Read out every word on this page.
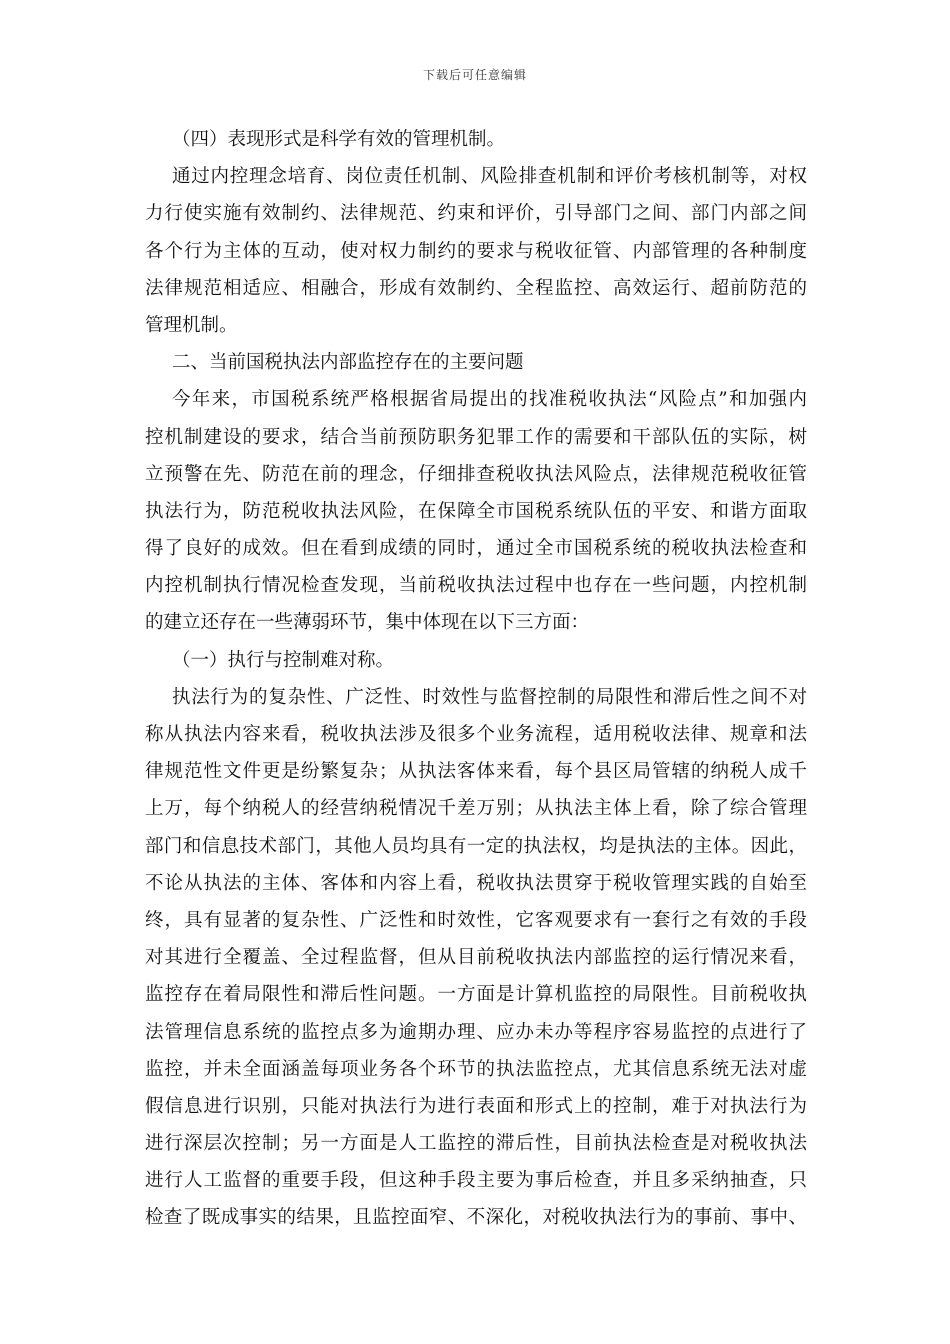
下载后可任意编辑
（四）表现形式是科学有效的管理机制。
通过内控理念培育、岗位责任机制、风险排查机制和评价考核机制等，对权
力行使实施有效制约、法律规范、约束和评价，引导部门之间、部门内部之间
各个行为主体的互动，使对权力制约的要求与税收征管、内部管理的各种制度
法律规范相适应、相融合，形成有效制约、全程监控、高效运行、超前防范的
管理机制。
二、当前国税执法内部监控存在的主要问题
今年来，市国税系统严格根据省局提出的找准税收执法“风险点”和加强内
控机制建设的要求，结合当前预防职务犯罪工作的需要和干部队伍的实际，树
立预警在先、防范在前的理念，仔细排查税收执法风险点，法律规范税收征管
执法行为，防范税收执法风险，在保障全市国税系统队伍的平安、和谐方面取
得了良好的成效。但在看到成绩的同时，通过全市国税系统的税收执法检查和
内控机制执行情况检查发现，当前税收执法过程中也存在一些问题，内控机制
的建立还存在一些薄弱环节，集中体现在以下三方面：
（一）执行与控制难对称。
执法行为的复杂性、广泛性、时效性与监督控制的局限性和滞后性之间不对
称从执法内容来看，税收执法涉及很多个业务流程，适用税收法律、规章和法
律规范性文件更是纷繁复杂；从执法客体来看，每个县区局管辖的纳税人成千
上万，每个纳税人的经营纳税情况千差万别；从执法主体上看，除了综合管理
部门和信息技术部门，其他人员均具有一定的执法权，均是执法的主体。因此，
不论从执法的主体、客体和内容上看，税收执法贯穿于税收管理实践的自始至
终，具有显著的复杂性、广泛性和时效性，它客观要求有一套行之有效的手段
对其进行全覆盖、全过程监督，但从目前税收执法内部监控的运行情况来看，
监控存在着局限性和滞后性问题。一方面是计算机监控的局限性。目前税收执
法管理信息系统的监控点多为逾期办理、应办未办等程序容易监控的点进行了
监控，并未全面涵盖每项业务各个环节的执法监控点，尤其信息系统无法对虚
假信息进行识别，只能对执法行为进行表面和形式上的控制，难于对执法行为
进行深层次控制；另一方面是人工监控的滞后性，目前执法检查是对税收执法
进行人工监督的重要手段，但这种手段主要为事后检查，并且多采纳抽查，只
检查了既成事实的结果，且监控面窄、不深化，对税收执法行为的事前、事中、
